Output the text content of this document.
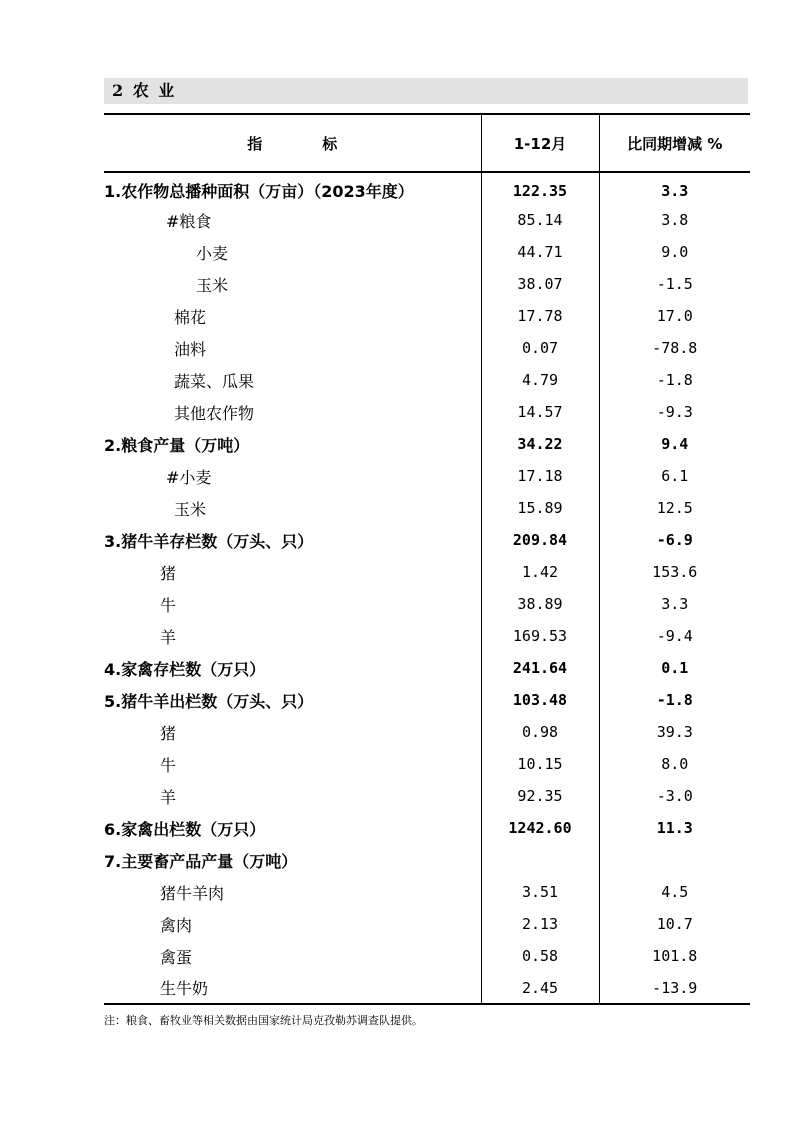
2 农 业
指　　　　标	1-12月	比同期增减 %
1.农作物总播种面积（万亩）（2023年度）	122.35	3.3
#粮食	85.14	3.8
小麦	44.71	9.0
玉米	38.07	-1.5
棉花	17.78	17.0
油料	0.07	-78.8
蔬菜、瓜果	4.79	-1.8
其他农作物	14.57	-9.3
2.粮食产量（万吨）	34.22	9.4
#小麦	17.18	6.1
玉米	15.89	12.5
3.猪牛羊存栏数（万头、只）	209.84	-6.9
猪	1.42	153.6
牛	38.89	3.3
羊	169.53	-9.4
4.家禽存栏数（万只）	241.64	0.1
5.猪牛羊出栏数（万头、只）	103.48	-1.8
猪	0.98	39.3
牛	10.15	8.0
羊	92.35	-3.0
6.家禽出栏数（万只）	1242.60	11.3
7.主要畜产品产量（万吨）		
猪牛羊肉	3.51	4.5
禽肉	2.13	10.7
禽蛋	0.58	101.8
生牛奶	2.45	-13.9
注：粮食、畜牧业等相关数据由国家统计局克孜勒苏调查队提供。
